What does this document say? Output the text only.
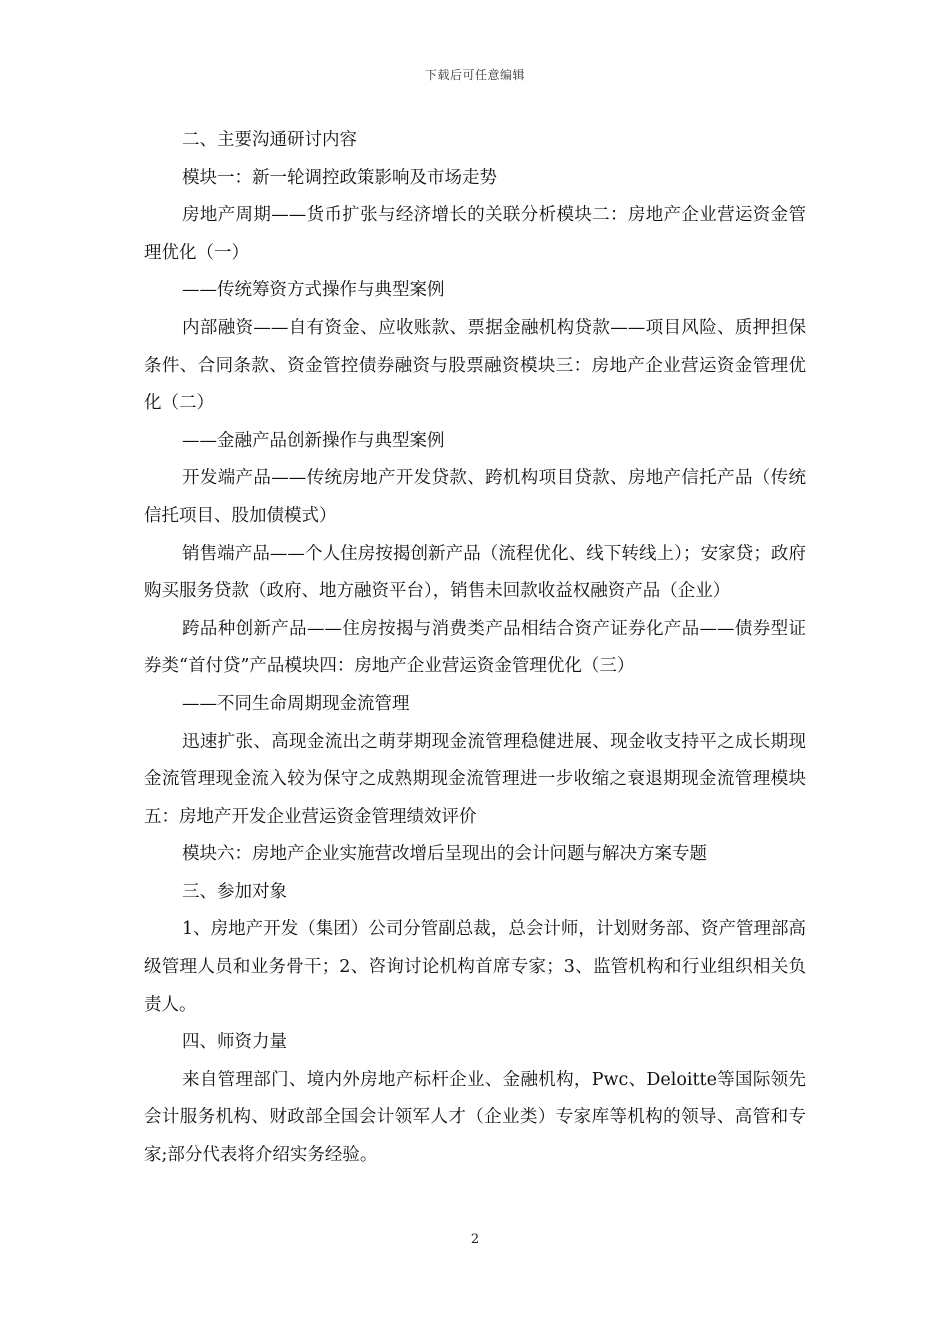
下载后可任意编辑

二、主要沟通研讨内容

模块一：新一轮调控政策影响及市场走势

房地产周期——货币扩张与经济增长的关联分析模块二：房地产企业营运资金管理优化（一）

——传统筹资方式操作与典型案例

内部融资——自有资金、应收账款、票据金融机构贷款——项目风险、质押担保条件、合同条款、资金管控债券融资与股票融资模块三：房地产企业营运资金管理优化（二）

——金融产品创新操作与典型案例

开发端产品——传统房地产开发贷款、跨机构项目贷款、房地产信托产品（传统信托项目、股加债模式）

销售端产品——个人住房按揭创新产品（流程优化、线下转线上）；安家贷；政府购买服务贷款（政府、地方融资平台），销售未回款收益权融资产品（企业）

跨品种创新产品——住房按揭与消费类产品相结合资产证券化产品——债券型证券类“首付贷”产品模块四：房地产企业营运资金管理优化（三）

——不同生命周期现金流管理

迅速扩张、高现金流出之萌芽期现金流管理稳健进展、现金收支持平之成长期现金流管理现金流入较为保守之成熟期现金流管理进一步收缩之衰退期现金流管理模块五：房地产开发企业营运资金管理绩效评价

模块六：房地产企业实施营改增后呈现出的会计问题与解决方案专题

三、参加对象

1、房地产开发（集团）公司分管副总裁，总会计师，计划财务部、资产管理部高级管理人员和业务骨干；2、咨询讨论机构首席专家；3、监管机构和行业组织相关负责人。

四、师资力量

来自管理部门、境内外房地产标杆企业、金融机构，Pwc、Deloitte等国际领先会计服务机构、财政部全国会计领军人才（企业类）专家库等机构的领导、高管和专家;部分代表将介绍实务经验。

2
